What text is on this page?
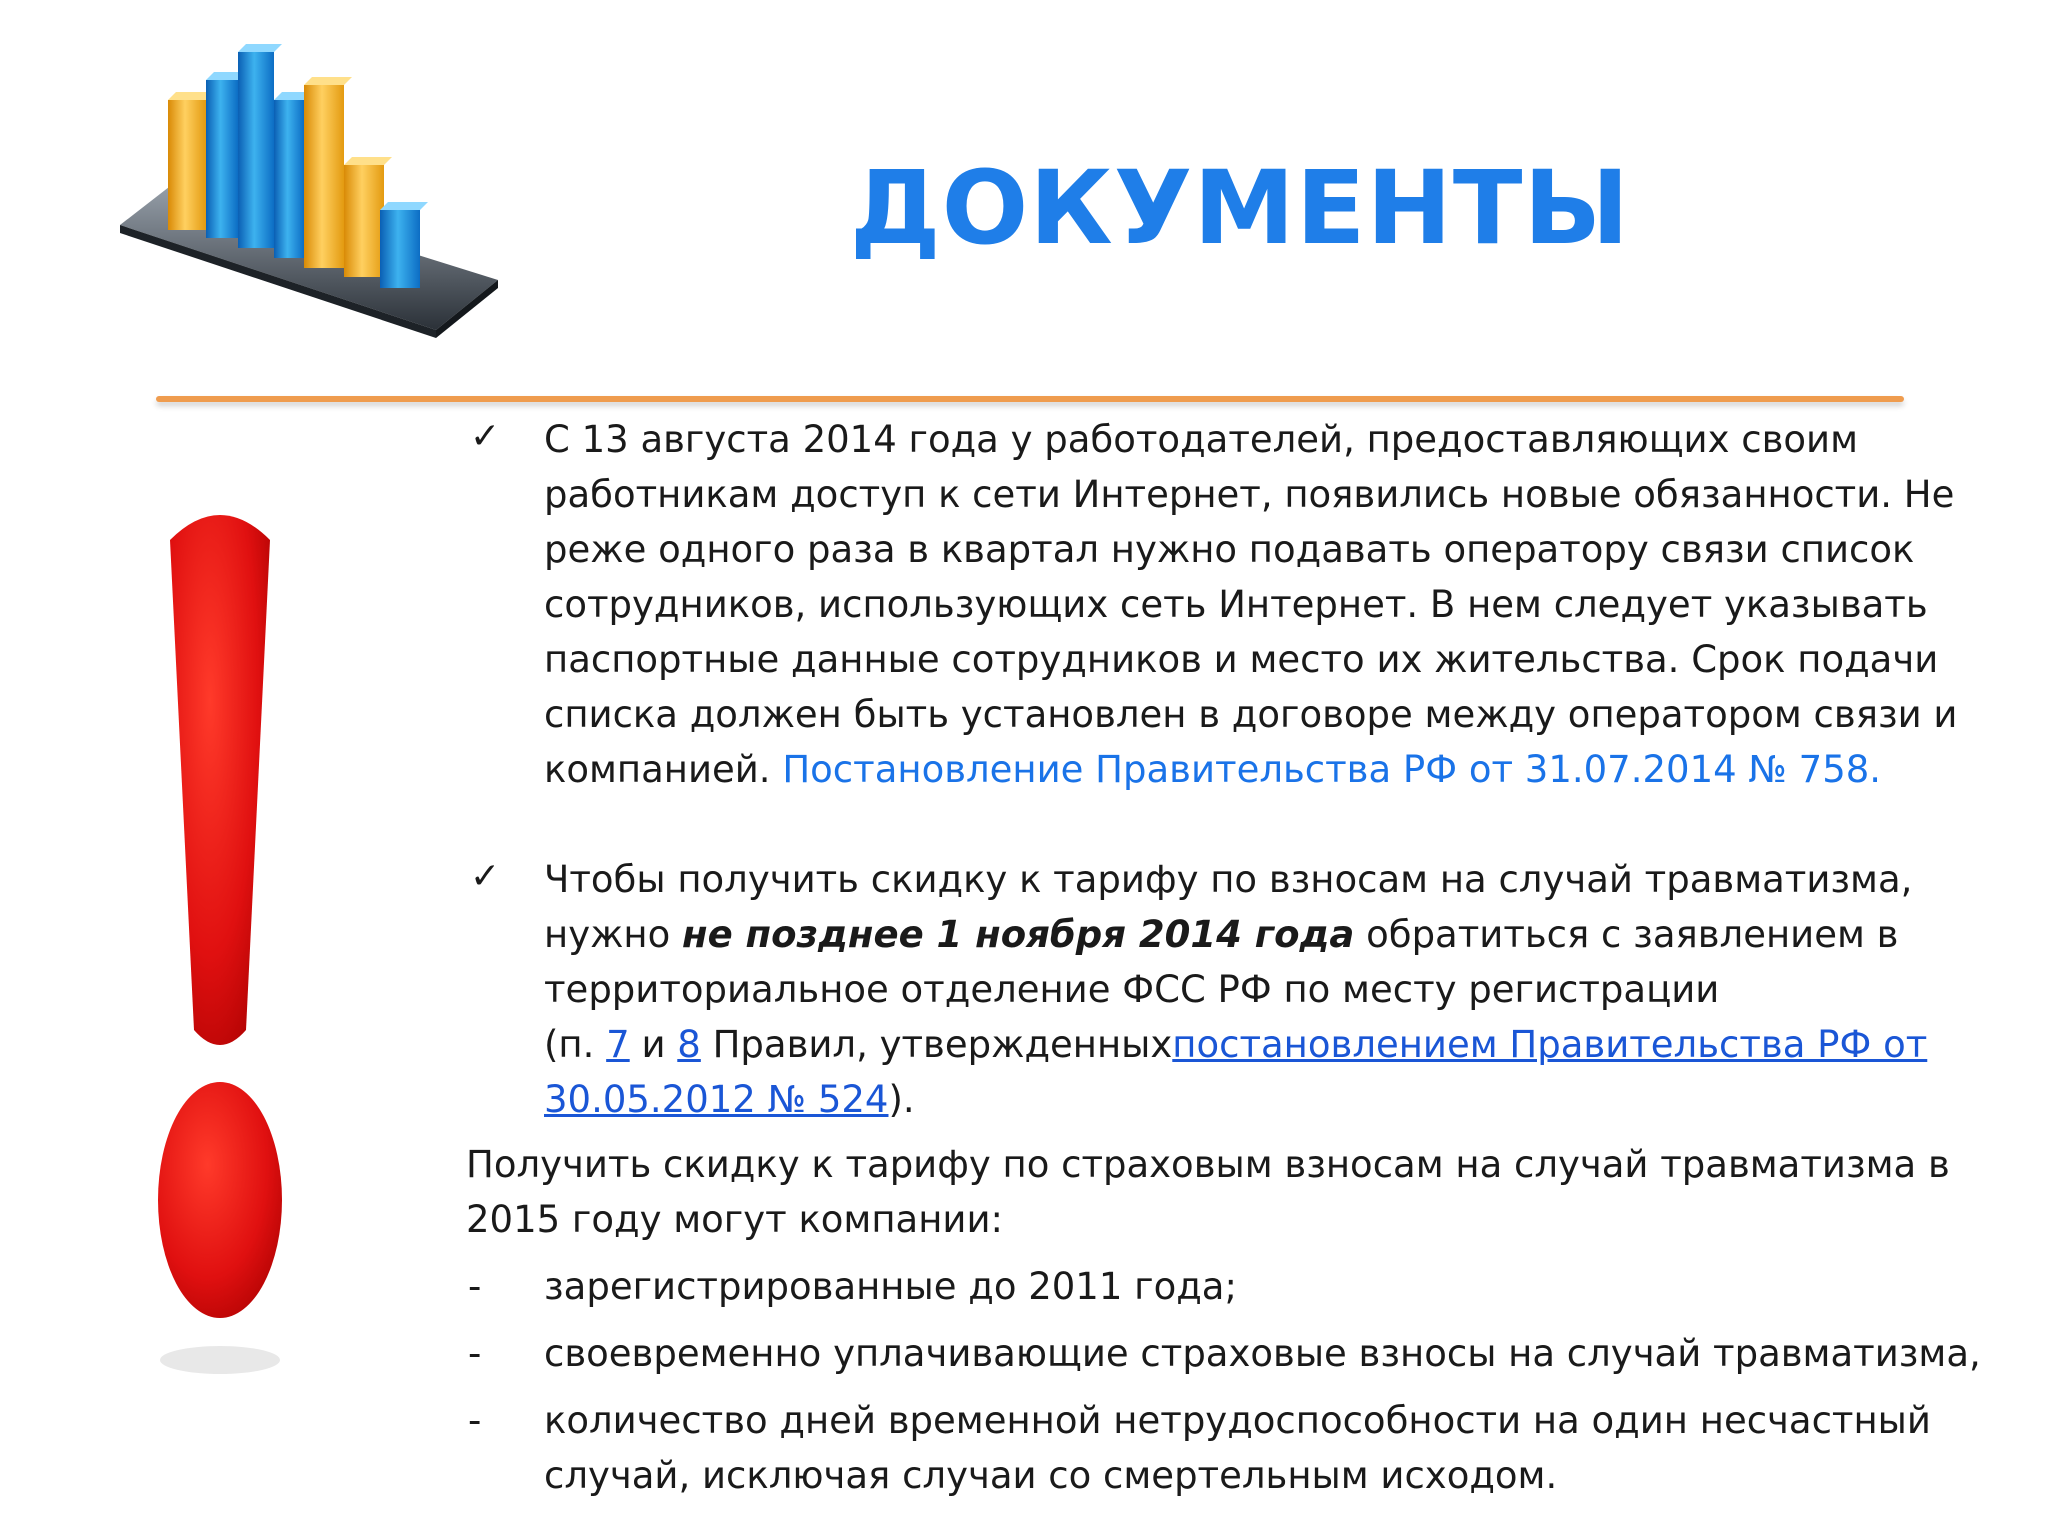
ДОКУМЕНТЫ
✓ С 13 августа 2014 года у работодателей, предоставляющих своим работникам доступ к сети Интернет, появились новые обязанности. Не реже одного раза в квартал нужно подавать оператору связи список сотрудников, использующих сеть Интернет. В нем следует указывать паспортные данные сотрудников и место их жительства. Срок подачи списка должен быть установлен в договоре между оператором связи и компанией. Постановление Правительства РФ от 31.07.2014 № 758.
✓ Чтобы получить скидку к тарифу по взносам на случай травматизма, нужно не позднее 1 ноября 2014 года обратиться с заявлением в территориальное отделение ФСС РФ по месту регистрации
(п. 7 и 8 Правил, утвержденныхпостановлением Правительства РФ от 30.05.2012 № 524).
Получить скидку к тарифу по страховым взносам на случай травматизма в 2015 году могут компании:
- зарегистрированные до 2011 года;
- своевременно уплачивающие страховые взносы на случай травматизма,
- количество дней временной нетрудоспособности на один несчастный случай, исключая случаи со смертельным исходом.
